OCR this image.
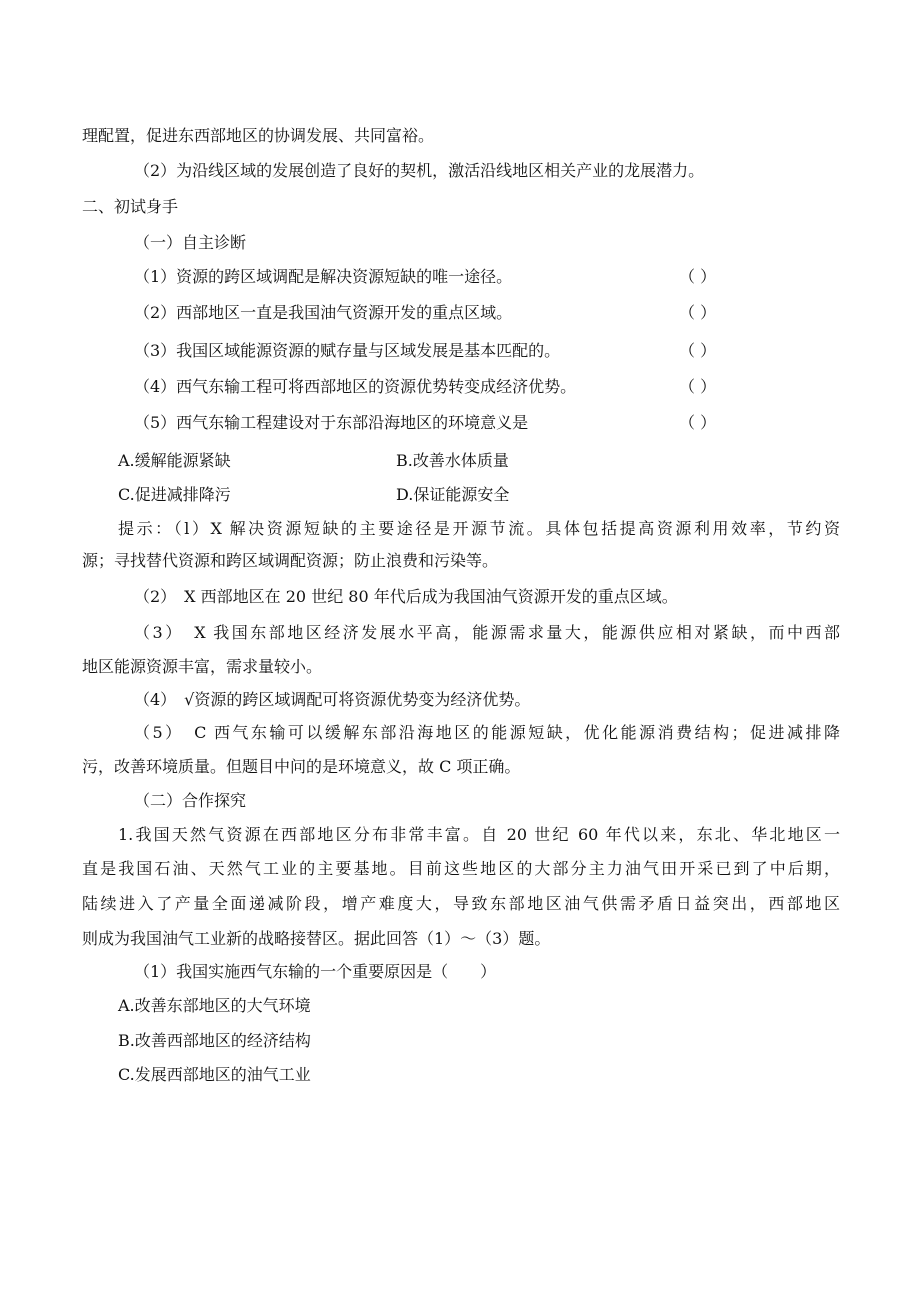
理配置，促进东西部地区的协调发展、共同富裕。

（2）为沿线区域的发展创造了良好的契机，激活沿线地区相关产业的龙展潜力。

二、初试身手

（一）自主诊断

（1）资源的跨区域调配是解决资源短缺的唯一途径。	（ ）
（2）西部地区一直是我国油气资源开发的重点区域。	（ ）
（3）我国区域能源资源的赋存量与区域发展是基本匹配的。	（ ）
（4）西气东输工程可将西部地区的资源优势转变成经济优势。	（ ）
（5）西气东输工程建设对于东部沿海地区的环境意义是	（ ）
A.缓解能源紧缺	B.改善水体质量
C.促进减排降污	D.保证能源安全

提示：（l）X 解决资源短缺的主要途径是开源节流。具体包括提高资源利用效率，节约资

源；寻找替代资源和跨区域调配资源；防止浪费和污染等。

（2）　X 西部地区在 20 世纪 80 年代后成为我国油气资源开发的重点区域。

（3）　X 我国东部地区经济发展水平高，能源需求量大，能源供应相对紧缺，而中西部

地区能源资源丰富，需求量较小。

（4）　√资源的跨区域调配可将资源优势变为经济优势。

（5）　C 西气东输可以缓解东部沿海地区的能源短缺，优化能源消费结构；促进减排降

污，改善环境质量。但题目中问的是环境意义，故 C 项正确。

（二）合作探究

1.我国天然气资源在西部地区分布非常丰富。自 20 世纪 60 年代以来，东北、华北地区一

直是我国石油、天然气工业的主要基地。目前这些地区的大部分主力油气田开采已到了中后期，

陆续进入了产量全面递减阶段，增产难度大，导致东部地区油气供需矛盾日益突出，西部地区

则成为我国油气工业新的战略接替区。据此回答（1）～（3）题。

（1）我国实施西气东输的一个重要原因是（　　）

A.改善东部地区的大气环境

B.改善西部地区的经济结构

C.发展西部地区的油气工业
